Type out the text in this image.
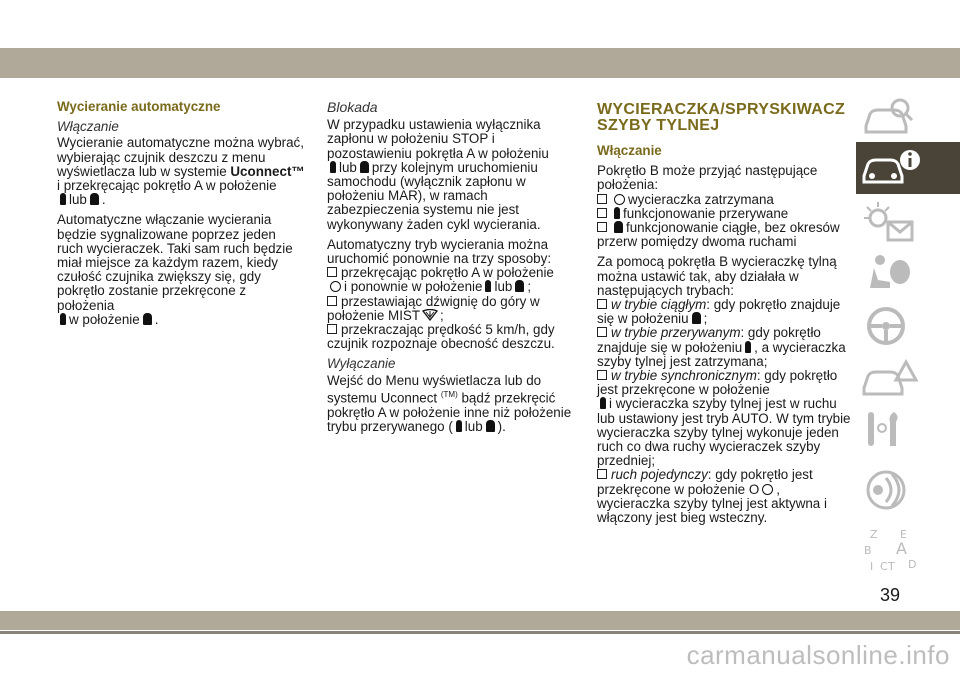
Wycieranie automatyczne
Włączanie

Wycieranie automatyczne można wybrać, wybierając czujnik deszczu z menu wyświetlacza lub w systemie Uconnect™ i przekręcając pokrętło A w położenie
lub .

Automatyczne włączanie wycierania będzie sygnalizowane poprzez jeden ruch wycieraczek. Taki sam ruch będzie miał miejsce za każdym razem, kiedy czułość czujnika zwiększy się, gdy pokrętło zostanie przekręcone z położenia
w położenie .

Blokada

W przypadku ustawienia wyłącznika zapłonu w położeniu STOP i pozostawieniu pokrętła A w położeniu
lub przy kolejnym uruchomieniu samochodu (wyłącznik zapłonu w położeniu MAR), w ramach zabezpieczenia systemu nie jest wykonywany żaden cykl wycierania.

Automatyczny tryb wycierania można uruchomić ponownie na trzy sposoby:

przekręcając pokrętło A w położenie
i ponownie w położenie lub ;
przestawiając dźwignię do góry w położenie MIST ;
przekraczając prędkość 5 km/h, gdy czujnik rozpoznaje obecność deszczu.
Wyłączanie

Wejść do Menu wyświetlacza lub do systemu Uconnect $^{(TM)}$ bądź przekręcić pokrętło A w położenie inne niż położenie trybu przerywanego ( lub ).

WYCIERACZKA/SPRYSKIWACZ
SZYBY TYLNEJ
Włączanie

Pokrętło B może przyjąć następujące położenia:

wycieraczka zatrzymana
funkcjonowanie przerywane
funkcjonowanie ciągłe, bez okresów przerw pomiędzy dwoma ruchami

Za pomocą pokrętła B wycieraczkę tylną można ustawić tak, aby działała w następujących trybach:

w trybie ciągłym: gdy pokrętło znajduje się w położeniu ;
w trybie przerywanym: gdy pokrętło znajduje się w położeniu , a wycieraczka szyby tylnej jest zatrzymana;
w trybie synchronicznym: gdy pokrętło jest przekręcone w położenie
i wycieraczka szyby tylnej jest w ruchu lub ustawiony jest tryb AUTO. W tym trybie wycieraczka szyby tylnej wykonuje jeden ruch co dwa ruchy wycieraczek szyby przedniej;
ruch pojedynczy: gdy pokrętło jest przekręcone w położenie O , wycieraczka szyby tylnej jest aktywna i włączony jest bieg wsteczny.
Z E
B A
I C T D
39
carmanualsonline.info
